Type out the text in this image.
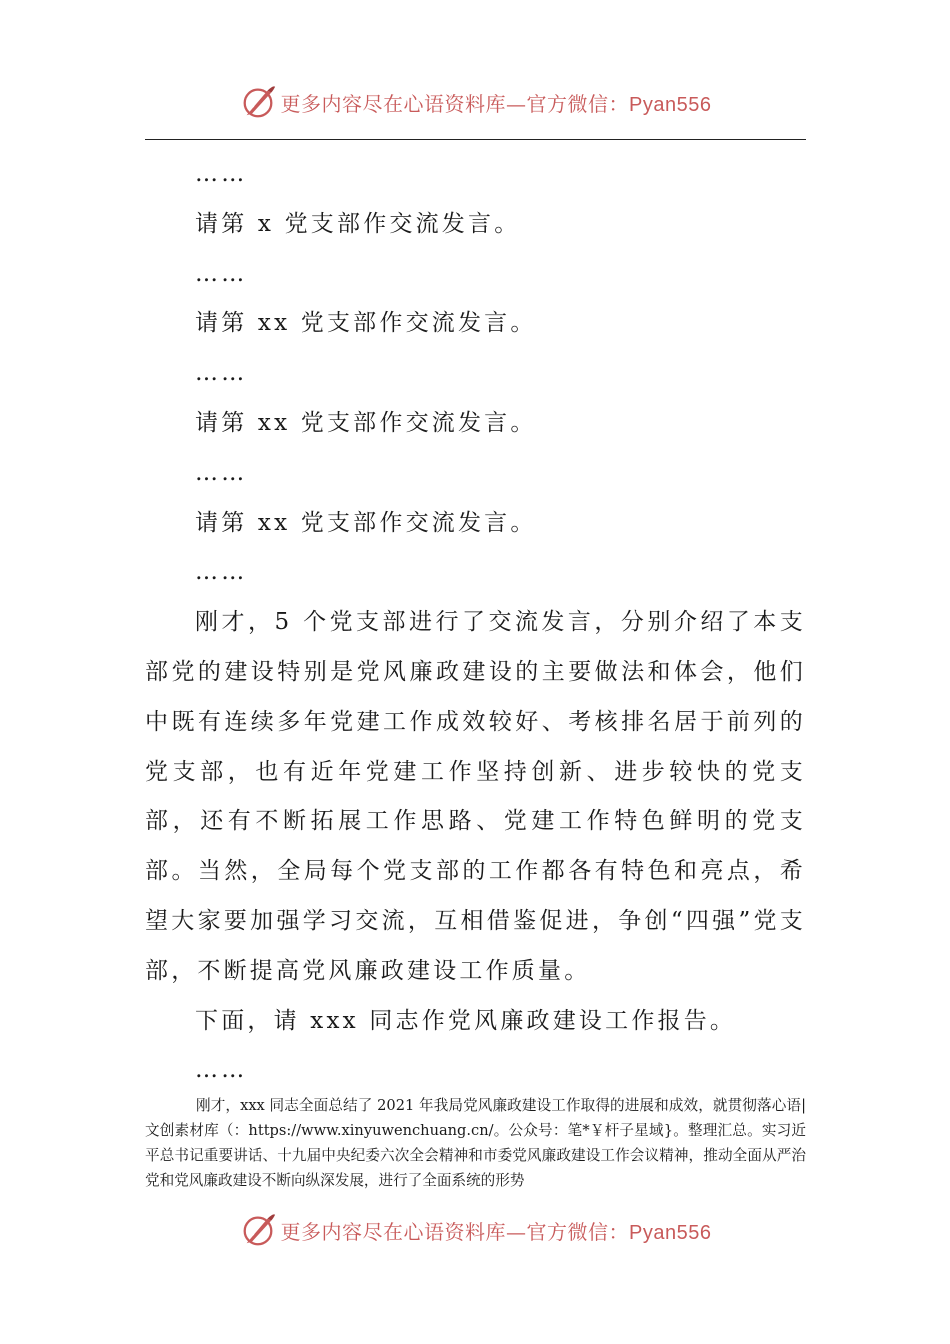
更多内容尽在心语资料库—官方微信：Pyan556

……

请第 x 党支部作交流发言。

……

请第 xx 党支部作交流发言。

……

请第 xx 党支部作交流发言。

……

请第 xx 党支部作交流发言。

……

刚才，5 个党支部进行了交流发言，分别介绍了本支部党的建设特别是党风廉政建设的主要做法和体会，他们中既有连续多年党建工作成效较好、考核排名居于前列的党支部，也有近年党建工作坚持创新、进步较快的党支部，还有不断拓展工作思路、党建工作特色鲜明的党支部。当然，全局每个党支部的工作都各有特色和亮点，希望大家要加强学习交流，互相借鉴促进，争创“四强”党支部，不断提高党风廉政建设工作质量。

下面，请 xxx 同志作党风廉政建设工作报告。

……

刚才，xxx 同志全面总结了 2021 年我局党风廉政建设工作取得的进展和成效，就贯彻落心语|文创素材库（：https://www.xinyuwenchuang.cn/。公众号：笔*￥杆子星域}。整理汇总。实习近平总书记重要讲话、十九届中央纪委六次全会精神和市委党风廉政建设工作会议精神，推动全面从严治党和党风廉政建设不断向纵深发展，进行了全面系统的形势

更多内容尽在心语资料库—官方微信：Pyan556
